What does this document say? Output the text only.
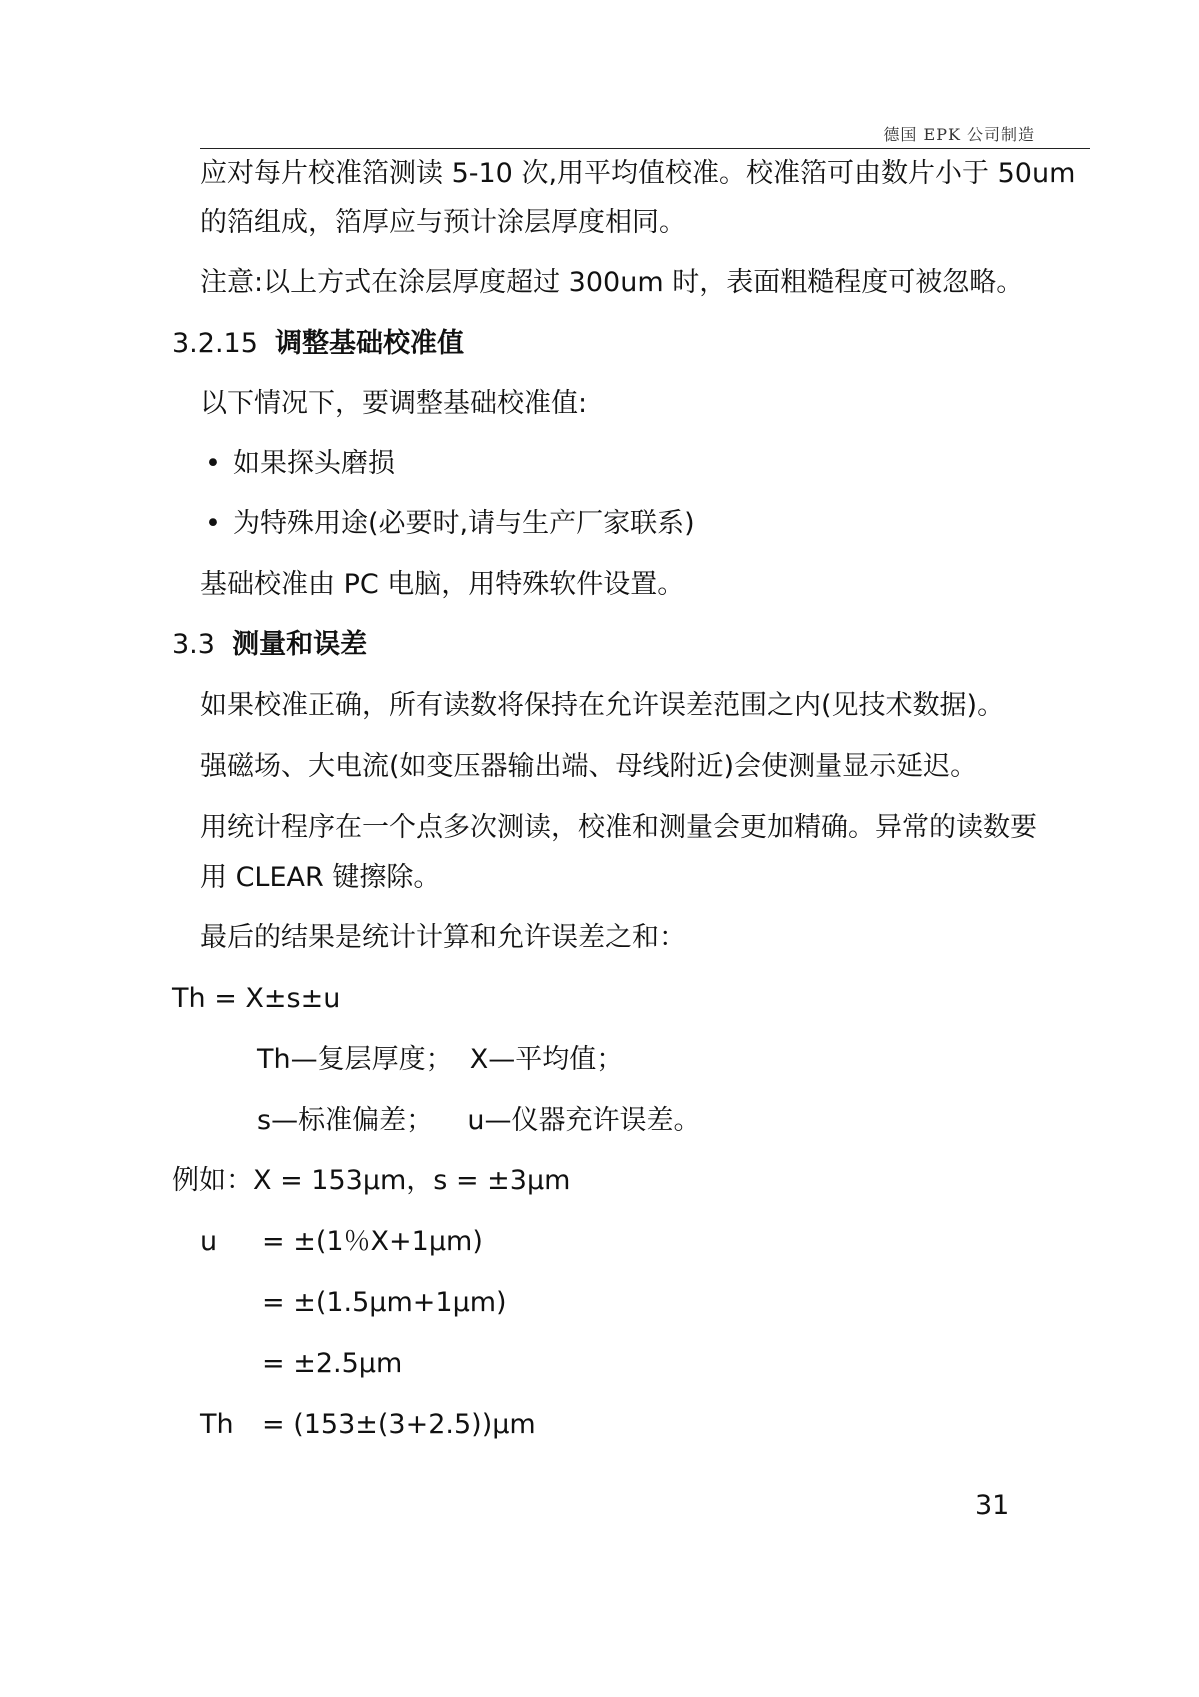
德国 EPK 公司制造
应对每片校准箔测读 5-10 次,用平均值校准。校准箔可由数片小于 50um
的箔组成，箔厚应与预计涂层厚度相同。
注意:以上方式在涂层厚度超过 300um 时，表面粗糙程度可被忽略。
3.2.15 调整基础校准值
以下情况下，要调整基础校准值:
• 如果探头磨损
• 为特殊用途(必要时,请与生产厂家联系)
基础校准由 PC 电脑，用特殊软件设置。
3.3 测量和误差
如果校准正确，所有读数将保持在允许误差范围之内(见技术数据)。
强磁场、大电流(如变压器输出端、母线附近)会使测量显示延迟。
用统计程序在一个点多次测读，校准和测量会更加精确。异常的读数要
用 CLEAR 键擦除。
最后的结果是统计计算和允许误差之和：
Th = X±s±u
Th—复层厚度；  X—平均值；
s—标准偏差；    u—仪器充许误差。
例如：X = 153μm，s = ±3μm
u = ±(1％X+1μm)
= ±(1.5μm+1μm)
= ±2.5μm
Th = (153±(3+2.5))μm
31
